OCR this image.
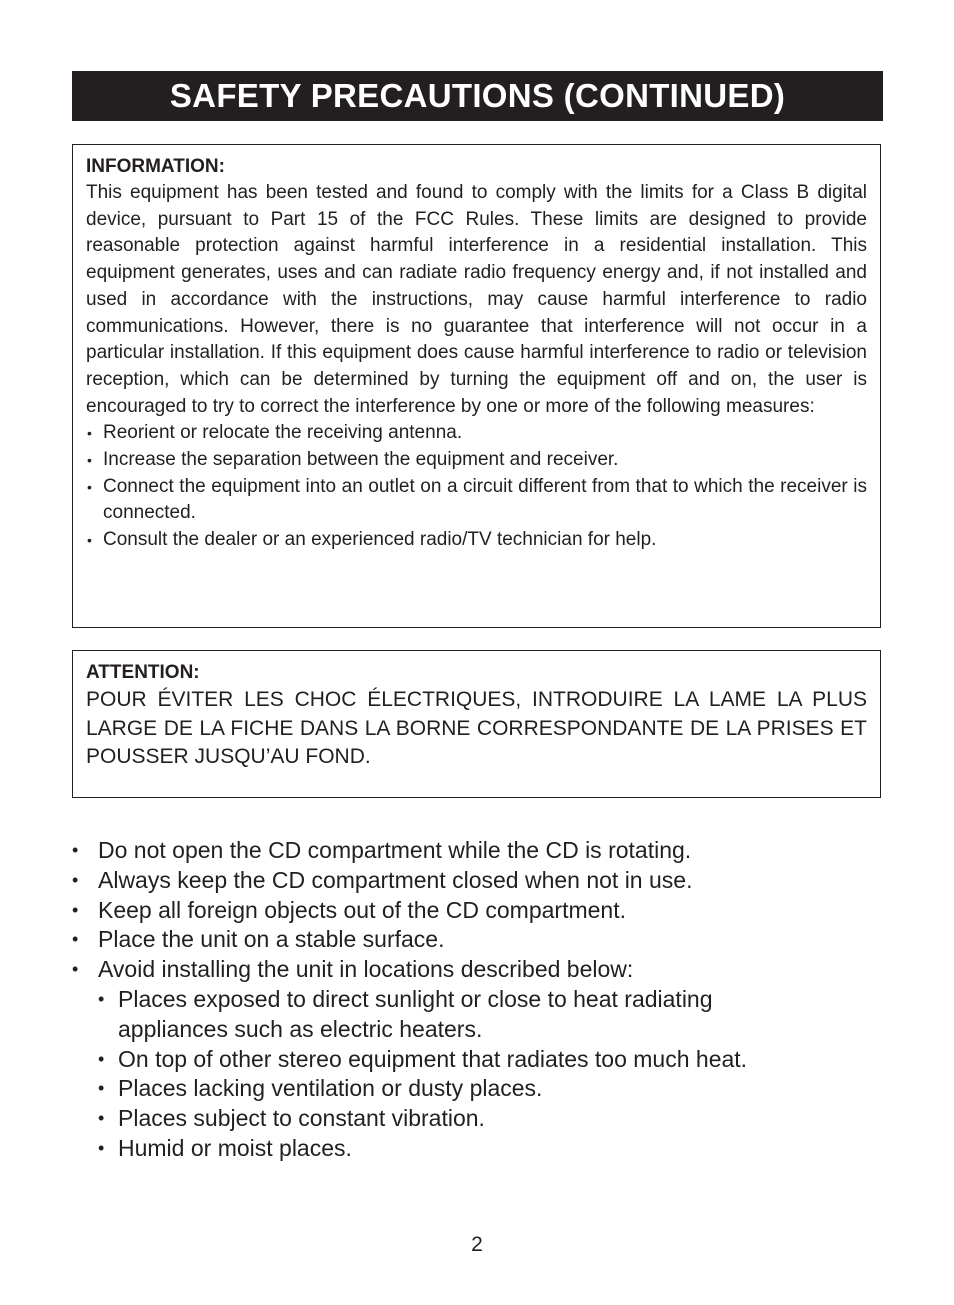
SAFETY PRECAUTIONS (CONTINUED)

INFORMATION:

This equipment has been tested and found to comply with the limits for a Class B digital device, pursuant to Part 15 of the FCC Rules. These limits are designed to provide reasonable protection against harmful interference in a residential installation. This equipment generates, uses and can radiate radio frequency energy and, if not installed and used in accordance with the instructions, may cause harmful interference to radio communications. However, there is no guarantee that interference will not occur in a particular installation. If this equipment does cause harmful interference to radio or television reception, which can be determined by turning the equipment off and on, the user is encouraged to try to correct the interference by one or more of the following measures:

• Reorient or relocate the receiving antenna.
• Increase the separation between the equipment and receiver.
• Connect the equipment into an outlet on a circuit different from that to which the receiver is connected.
• Consult the dealer or an experienced radio/TV technician for help.

ATTENTION:

POUR ÉVITER LES CHOC ÉLECTRIQUES, INTRODUIRE LA LAME LA PLUS LARGE DE LA FICHE DANS LA BORNE CORRESPONDANTE DE LA PRISES ET POUSSER JUSQU’AU FOND.

• Do not open the CD compartment while the CD is rotating.
• Always keep the CD compartment closed when not in use.
• Keep all foreign objects out of the CD compartment.
• Place the unit on a stable surface.
• Avoid installing the unit in locations described below:
• Places exposed to direct sunlight or close to heat radiating appliances such as electric heaters.
• On top of other stereo equipment that radiates too much heat.
• Places lacking ventilation or dusty places.
• Places subject to constant vibration.
• Humid or moist places.
2
